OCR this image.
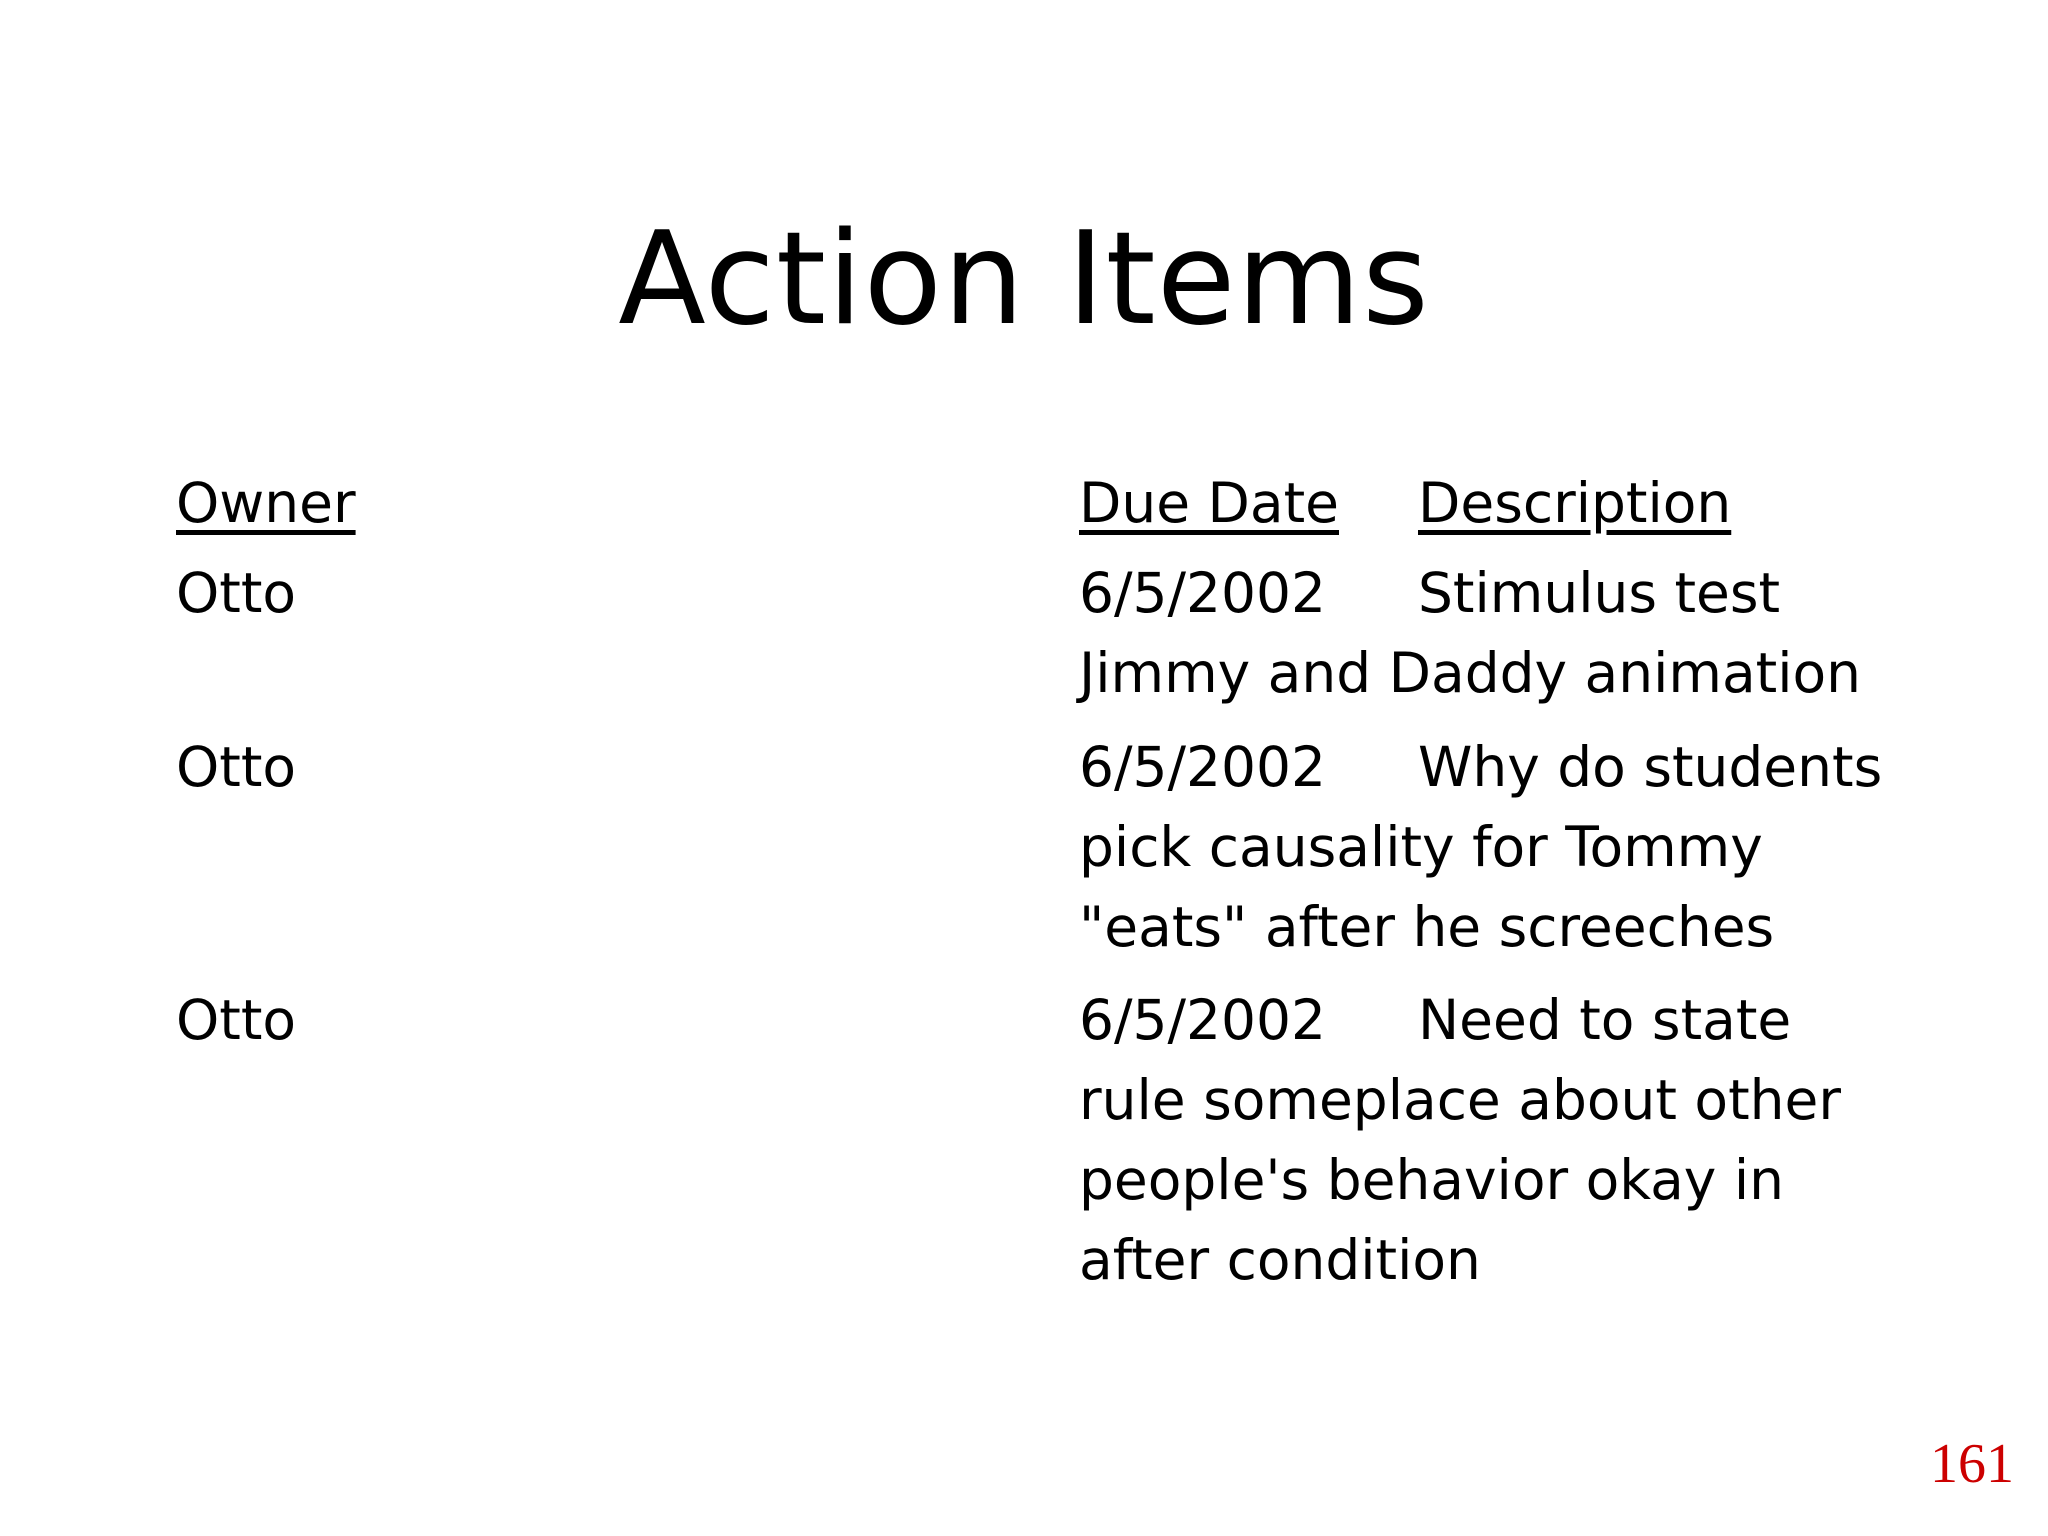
Action Items
Owner	Due Date Description
Otto	6/5/2002 Stimulus test
Jimmy and Daddy animation
Otto	6/5/2002 Why do students
pick causality for Tommy
"eats" after he screeches
Otto	6/5/2002 Need to state
rule someplace about other
people's behavior okay in
after condition
161
